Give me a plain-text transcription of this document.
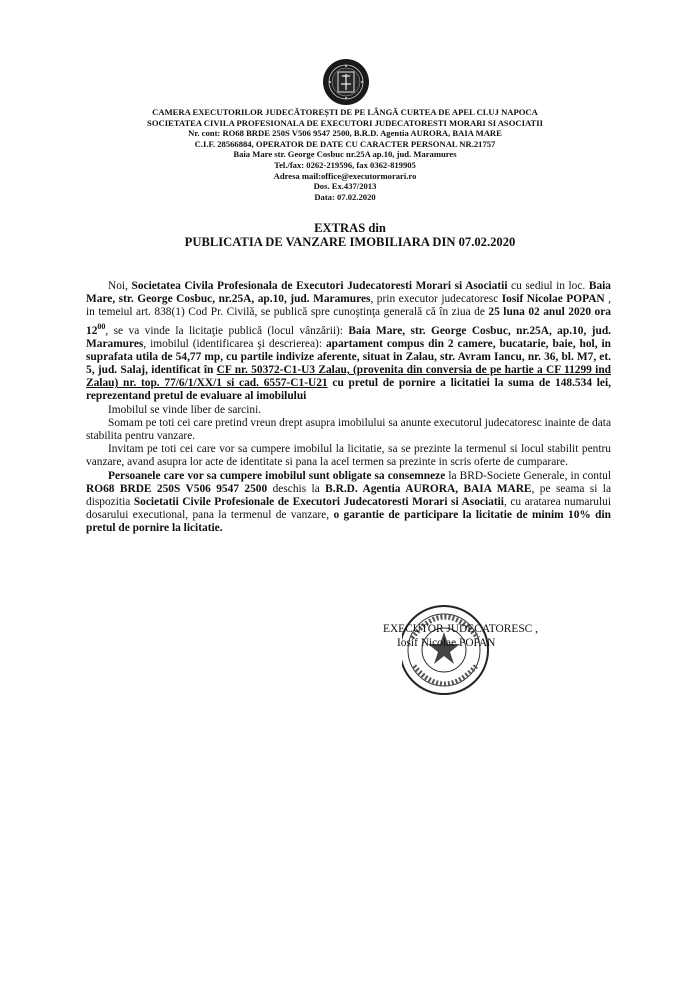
CAMERA EXECUTORILOR JUDECĂTOREȘTI DE PE LÂNGĂ CURTEA DE APEL CLUJ NAPOCA
SOCIETATEA CIVILA PROFESIONALA DE EXECUTORI JUDECATORESTI MORARI SI ASOCIATII
Nr. cont: RO68 BRDE 250S V506 9547 2500, B.R.D. Agentia AURORA, BAIA MARE
C.I.F. 28566884, OPERATOR DE DATE CU CARACTER PERSONAL NR.21757
Baia Mare str. George Cosbuc nr.25A ap.10, jud. Maramures
Tel./fax: 0262-219596, fax 0362-819905
Adresa mail:office@executormorari.ro
Dos. Ex.437/2013
Data: 07.02.2020
EXTRAS din
PUBLICATIA DE VANZARE IMOBILIARA DIN 07.02.2020

Noi, Societatea Civila Profesionala de Executori Judecatoresti Morari si Asociatii cu sediul in loc. Baia Mare, str. George Cosbuc, nr.25A, ap.10, jud. Maramures, prin executor judecatoresc Iosif Nicolae POPAN , in temeiul art. 838(1) Cod Pr. Civilă, se publică spre cunoştinţa generală că în ziua de 25 luna 02 anul 2020 ora $12^{00}$, se va vinde la licitaţie publică (locul vânzării): Baia Mare, str. George Cosbuc, nr.25A, ap.10, jud. Maramures, imobilul (identificarea şi descrierea): apartament compus din 2 camere, bucatarie, baie, hol, in suprafata utila de 54,77 mp, cu partile indivize aferente, situat in Zalau, str. Avram Iancu, nr. 36, bl. M7, et. 5, jud. Salaj, identificat în CF nr. 50372-C1-U3 Zalau, (provenita din conversia de pe hartie a CF 11299 ind Zalau) nr. top. 77/6/1/XX/1 si cad. 6557-C1-U21 cu pretul de pornire a licitatiei la suma de 148.534 lei, reprezentand pretul de evaluare al imobilului

Imobilul se vinde liber de sarcini.

Somam pe toti cei care pretind vreun drept asupra imobilului sa anunte executorul judecatoresc inainte de data stabilita pentru vanzare.

Invitam pe toti cei care vor sa cumpere imobilul la licitatie, sa se prezinte la termenul si locul stabilit pentru vanzare, avand asupra lor acte de identitate si pana la acel termen sa prezinte in scris oferte de cumparare.

Persoanele care vor sa cumpere imobilul sunt obligate sa consemneze la BRD-Societe Generale, in contul RO68 BRDE 250S V506 9547 2500 deschis la B.R.D. Agentia AURORA, BAIA MARE, pe seama si la dispozitia Societatii Civile Profesionale de Executori Judecatoresti Morari si Asociatii, cu aratarea numarului dosarului executional, pana la termenul de vanzare, o garantie de participare la licitatie de minim 10% din pretul de pornire la licitatie.

EXECUTOR JUDECATORESC ,
Iosif Nicolae POPAN
